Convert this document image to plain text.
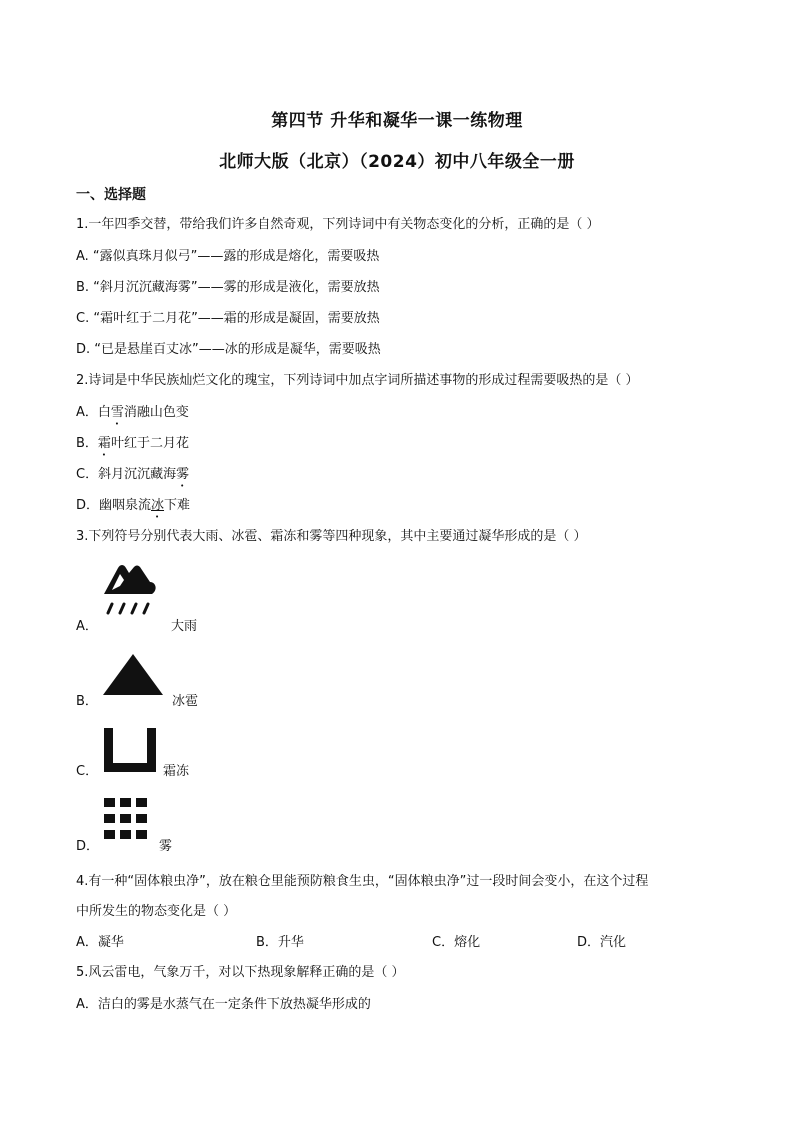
第四节 升华和凝华一课一练物理
北师大版（北京）（2024）初中八年级全一册
一、选择题
1.一年四季交替，带给我们许多自然奇观，下列诗词中有关物态变化的分析，正确的是（ ）
A. “露似真珠月似弓”——露的形成是熔化，需要吸热
B. “斜月沉沉藏海雾”——雾的形成是液化，需要放热
C. “霜叶红于二月花”——霜的形成是凝固，需要放热
D. “已是悬崖百丈冰”——冰的形成是凝华，需要吸热
2.诗词是中华民族灿烂文化的瑰宝，下列诗词中加点字词所描述事物的形成过程需要吸热的是（ ）
A．白雪消融山色变
B．霜叶红于二月花
C．斜月沉沉藏海雾
D．幽咽泉流冰下难
3.下列符号分别代表大雨、冰雹、霜冻和雾等四种现象，其中主要通过凝华形成的是（ ）
A．	大雨
B．	冰雹
C．	霜冻
D．	雾
4.有一种“固体粮虫净”，放在粮仓里能预防粮食生虫，“固体粮虫净”过一段时间会变小，在这个过程
中所发生的物态变化是（ ）
A．凝华	B．升华	C．熔化	D．汽化
5.风云雷电，气象万千，对以下热现象解释正确的是（ ）
A．洁白的雾是水蒸气在一定条件下放热凝华形成的
